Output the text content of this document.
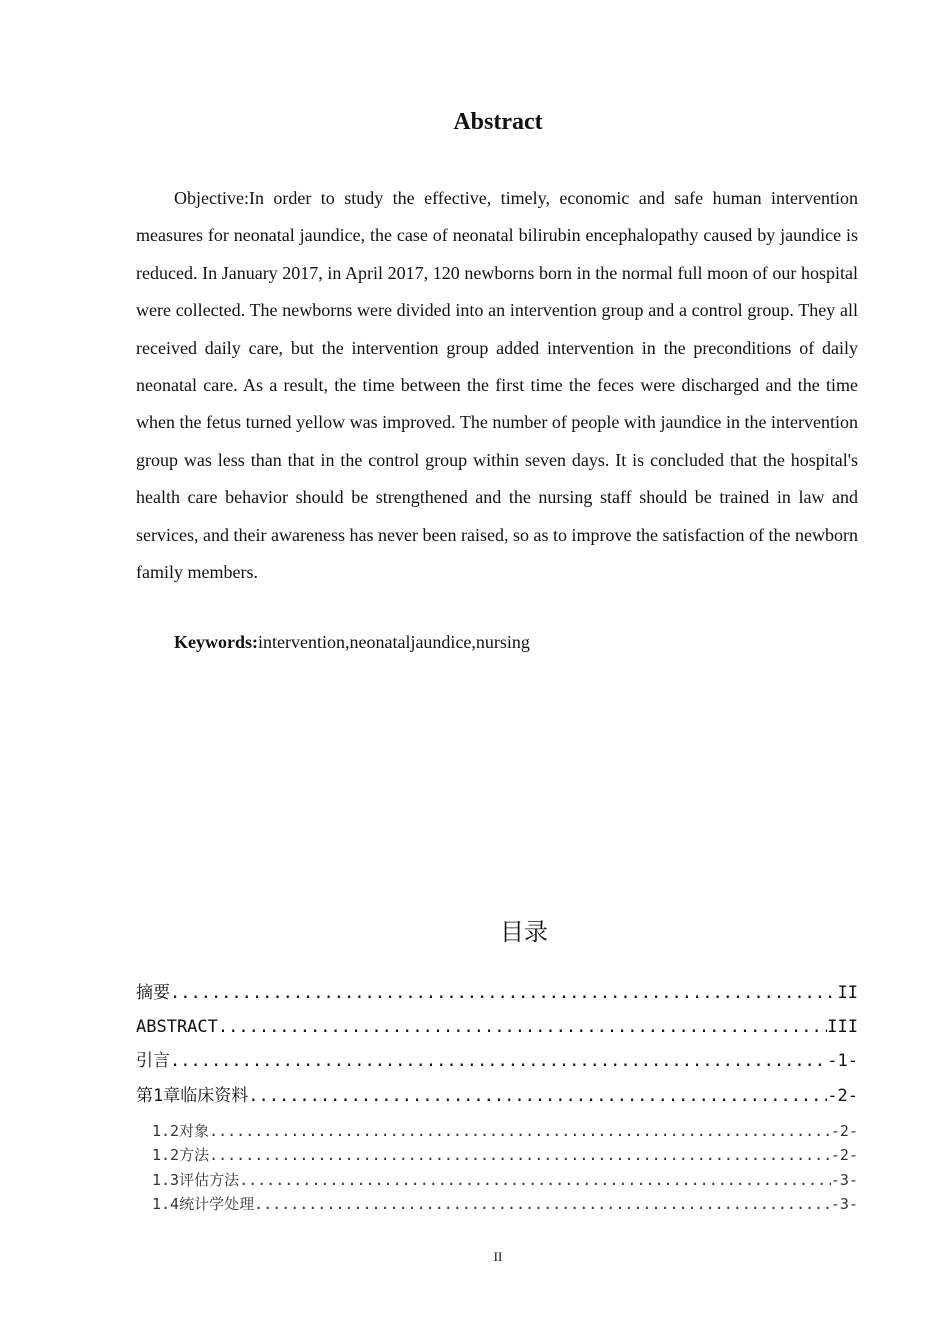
Abstract

Objective:In order to study the effective, timely, economic and safe human intervention measures for neonatal jaundice, the case of neonatal bilirubin encephalopathy caused by jaundice is reduced. In January 2017, in April 2017, 120 newborns born in the normal full moon of our hospital were collected. The newborns were divided into an intervention group and a control group. They all received daily care, but the intervention group added intervention in the preconditions of daily neonatal care. As a result, the time between the first time the feces were discharged and the time when the fetus turned yellow was improved. The number of people with jaundice in the intervention group was less than that in the control group within seven days. It is concluded that the hospital's health care behavior should be strengthened and the nursing staff should be trained in law and services, and their awareness has never been raised, so as to improve the satisfaction of the newborn family members.

Keywords:intervention,neonataljaundice,nursing

目录
摘要 .....	II
ABSTRACT .....	III
引言 .....	-1-
第1章临床资料 .....	-2-
1.2对象 .....	-2-
1.2方法 .....	-2-
1.3评估方法 .....	-3-
1.4统计学处理 .....	-3-
II
